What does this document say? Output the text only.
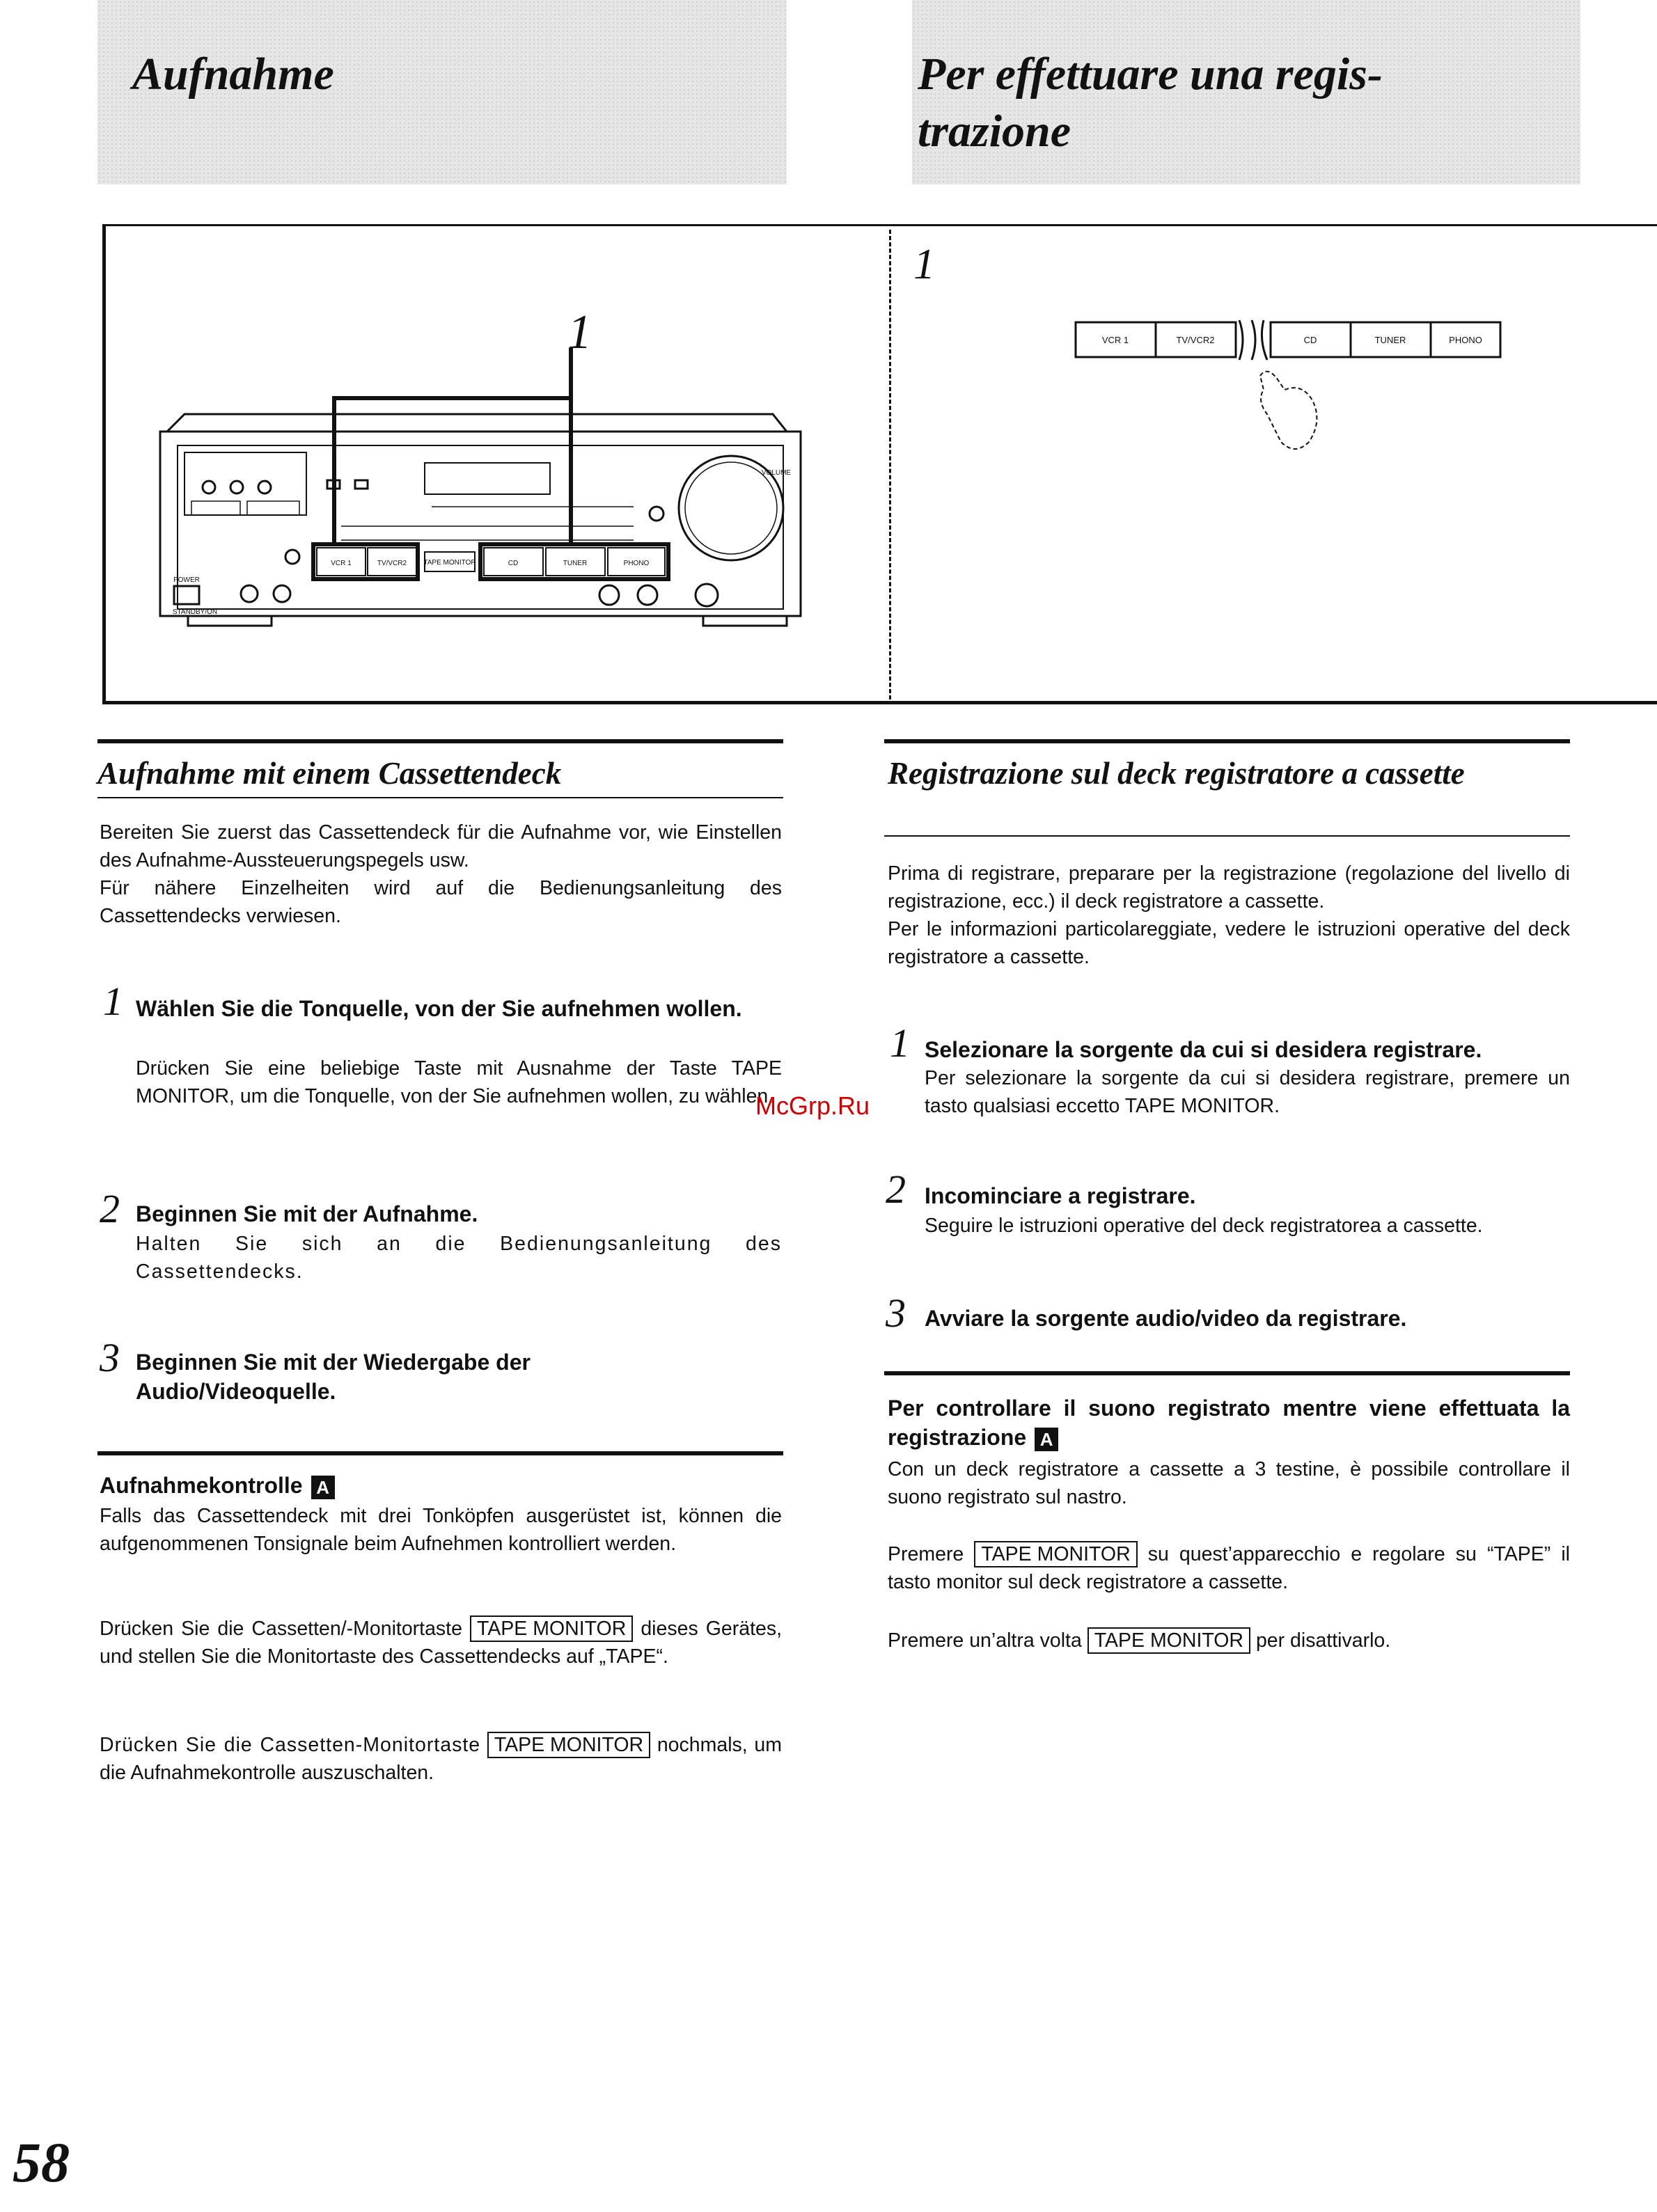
Aufnahme	Per effettuare una regis-
trazione
1
1
VCR 1	TV/VCR2 TAPE MONITOR	CD	TUNER	PHONO
VOLUME
POWER
STANDBY/ON
VCR 1	TV/VCR2	CD	TUNER	PHONO
Aufnahme mit einem Cassettendeck
Bereiten Sie zuerst das Cassettendeck für die Aufnahme vor, wie Einstellen des Aufnahme-Aussteuerungspegels usw.
Für nähere Einzelheiten wird auf die Bedienungsanleitung des Cassettendecks verwiesen.
1 Wählen Sie die Tonquelle, von der Sie aufnehmen wollen.
Drücken Sie eine beliebige Taste mit Ausnahme der Taste TAPE MONITOR, um die Tonquelle, von der Sie aufnehmen wollen, zu wählen.
2 Beginnen Sie mit der Aufnahme.
Halten Sie sich an die Bedienungsanleitung des Cassettendecks.
3 Beginnen Sie mit der Wiedergabe der Audio/Videoquelle.
Aufnahmekontrolle A
Falls das Cassettendeck mit drei Tonköpfen ausgerüstet ist, können die aufgenommenen Tonsignale beim Aufnehmen kontrolliert werden.
Drücken Sie die Cassetten/-Monitortaste TAPE MONITOR dieses Gerätes, und stellen Sie die Monitortaste des Cassettendecks auf „TAPE“.
Drücken Sie die Cassetten-Monitortaste TAPE MONITOR nochmals, um die Aufnahmekontrolle auszuschalten.
Registrazione sul deck registratore a cassette
Prima di registrare, preparare per la registrazione (regolazione del livello di registrazione, ecc.) il deck registratore a cassette.
Per le informazioni particolareggiate, vedere le istruzioni operative del deck registratore a cassette.
1 Selezionare la sorgente da cui si desidera registrare.
Per selezionare la sorgente da cui si desidera registrare, premere un tasto qualsiasi eccetto TAPE MONITOR.
2 Incominciare a registrare.
Seguire le istruzioni operative del deck registratorea a cassette.
3 Avviare la sorgente audio/video da registrare.
Per controllare il suono registrato mentre viene effettuata la registrazione A
Con un deck registratore a cassette a 3 testine, è possibile controllare il suono registrato sul nastro.
Premere TAPE MONITOR su quest’apparecchio e regolare su “TAPE” il tasto monitor sul deck registratore a cassette.
Premere un’altra volta TAPE MONITOR per disattivarlo.
McGrp.Ru
58
